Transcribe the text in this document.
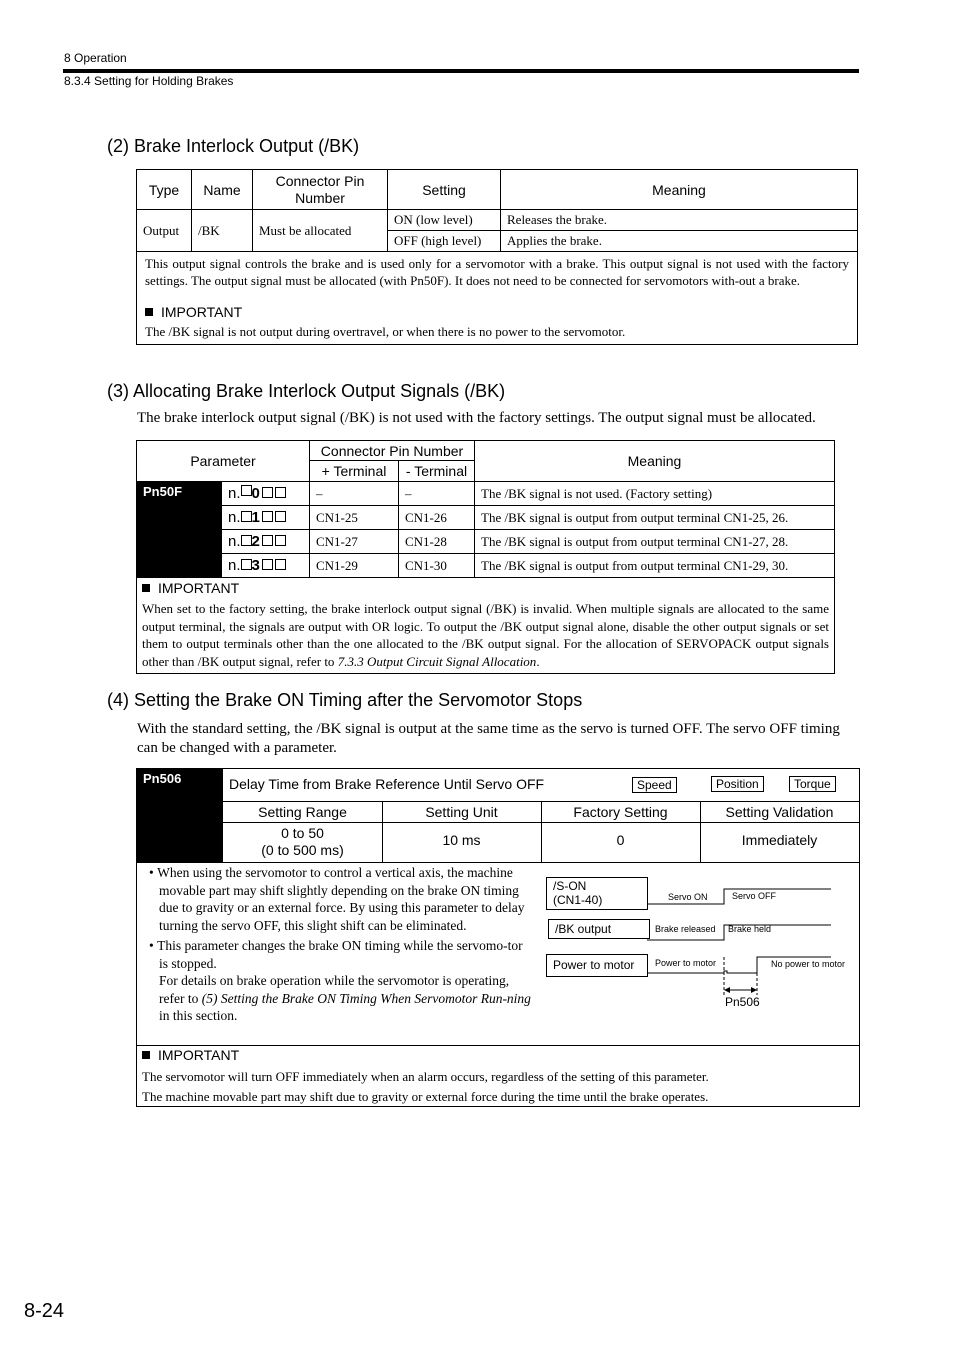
8 Operation
8.3.4 Setting for Holding Brakes
(2) Brake Interlock Output (/BK)
Type	Name	Connector Pin Number	Setting	Meaning
Output	/BK	Must be allocated	ON (low level)	Releases the brake.
			OFF (high level)	Applies the brake.

This output signal controls the brake and is used only for a servomotor with a brake. This output signal is not used with the factory settings. The output signal must be allocated (with Pn50F). It does not need to be connected for servomotors with-out a brake.
IMPORTANT
The /BK signal is not output during overtravel, or when there is no power to the servomotor.				
(3) Allocating Brake Interlock Output Signals (/BK)
The brake interlock output signal (/BK) is not used with the factory settings. The output signal must be allocated.
Parameter		Connector Pin Number		Meaning
		+ Terminal	- Terminal	
Pn50F	n. 0	–	–	The /BK signal is not used. (Factory setting)
	n. 1	CN1-25	CN1-26	The /BK signal is output from output terminal CN1-25, 26.
	n. 2	CN1-27	CN1-28	The /BK signal is output from output terminal CN1-27, 28.
	n. 3	CN1-29	CN1-30	The /BK signal is output from output terminal CN1-29, 30.

IMPORTANT
When set to the factory setting, the brake interlock output signal (/BK) is invalid. When multiple signals are allocated to the same output terminal, the signals are output with OR logic. To output the /BK output signal alone, disable the other output signals or set them to output terminals other than the one allocated to the /BK output signal. For the allocation of SERVOPACK output signals other than /BK output signal, refer to 7.3.3 Output Circuit Signal Allocation.				
(4) Setting the Brake ON Timing after the Servomotor Stops
With the standard setting, the /BK signal is output at the same time as the servo is turned OFF. The servo OFF timing can be changed with a parameter.
Pn506	Delay Time from Brake Reference Until Servo OFF	Speed	Position	Torque
Setting Range	Setting Unit	Factory Setting	Setting Validation
0 to 50
(0 to 500 ms)
10 ms	0	Immediately
• When using the servomotor to control a vertical axis, the machine movable part may shift slightly depending on the brake ON timing due to gravity or an external force. By using this parameter to delay turning the servo OFF, this slight shift can be eliminated.
• This parameter changes the brake ON timing while the servomo-tor is stopped.
For details on brake operation while the servomotor is operating, refer to (5) Setting the Brake ON Timing When Servomotor Run-ning in this section.
/S-ON
(CN1-40)
/BK output
Power to motor
Servo ON	Servo OFF
Brake released Brake held
Power to motor	No power to motor
Pn506
IMPORTANT
The servomotor will turn OFF immediately when an alarm occurs, regardless of the setting of this parameter.
The machine movable part may shift due to gravity or external force during the time until the brake operates.
8-24
